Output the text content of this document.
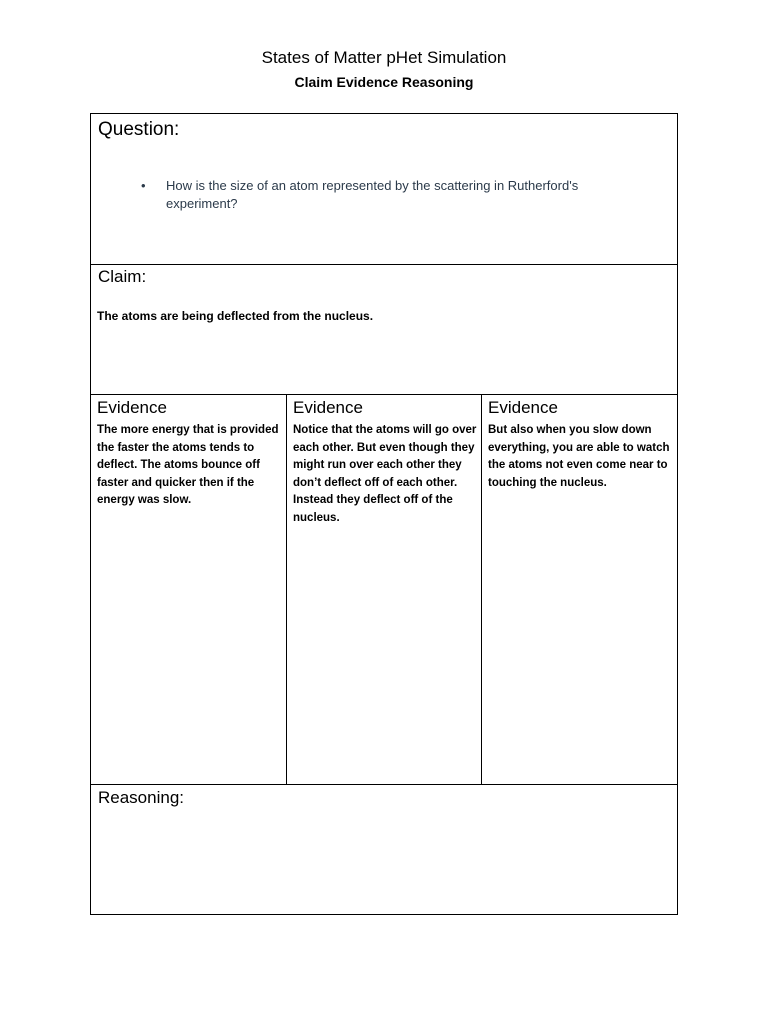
States of Matter pHet Simulation
Claim Evidence Reasoning
Question:
•	How is the size of an atom represented by the scattering in Rutherford's experiment?
Claim:
The atoms are being deflected from the nucleus.
Evidence
The more energy that is provided the faster the atoms tends to deflect. The atoms bounce off faster and quicker then if the energy was slow.
Evidence
Notice that the atoms will go over each other. But even though they might run over each other they don’t deflect off of each other. Instead they deflect off of the nucleus.
Evidence
But also when you slow down everything, you are able to watch the atoms not even come near to touching the nucleus.
Reasoning:
